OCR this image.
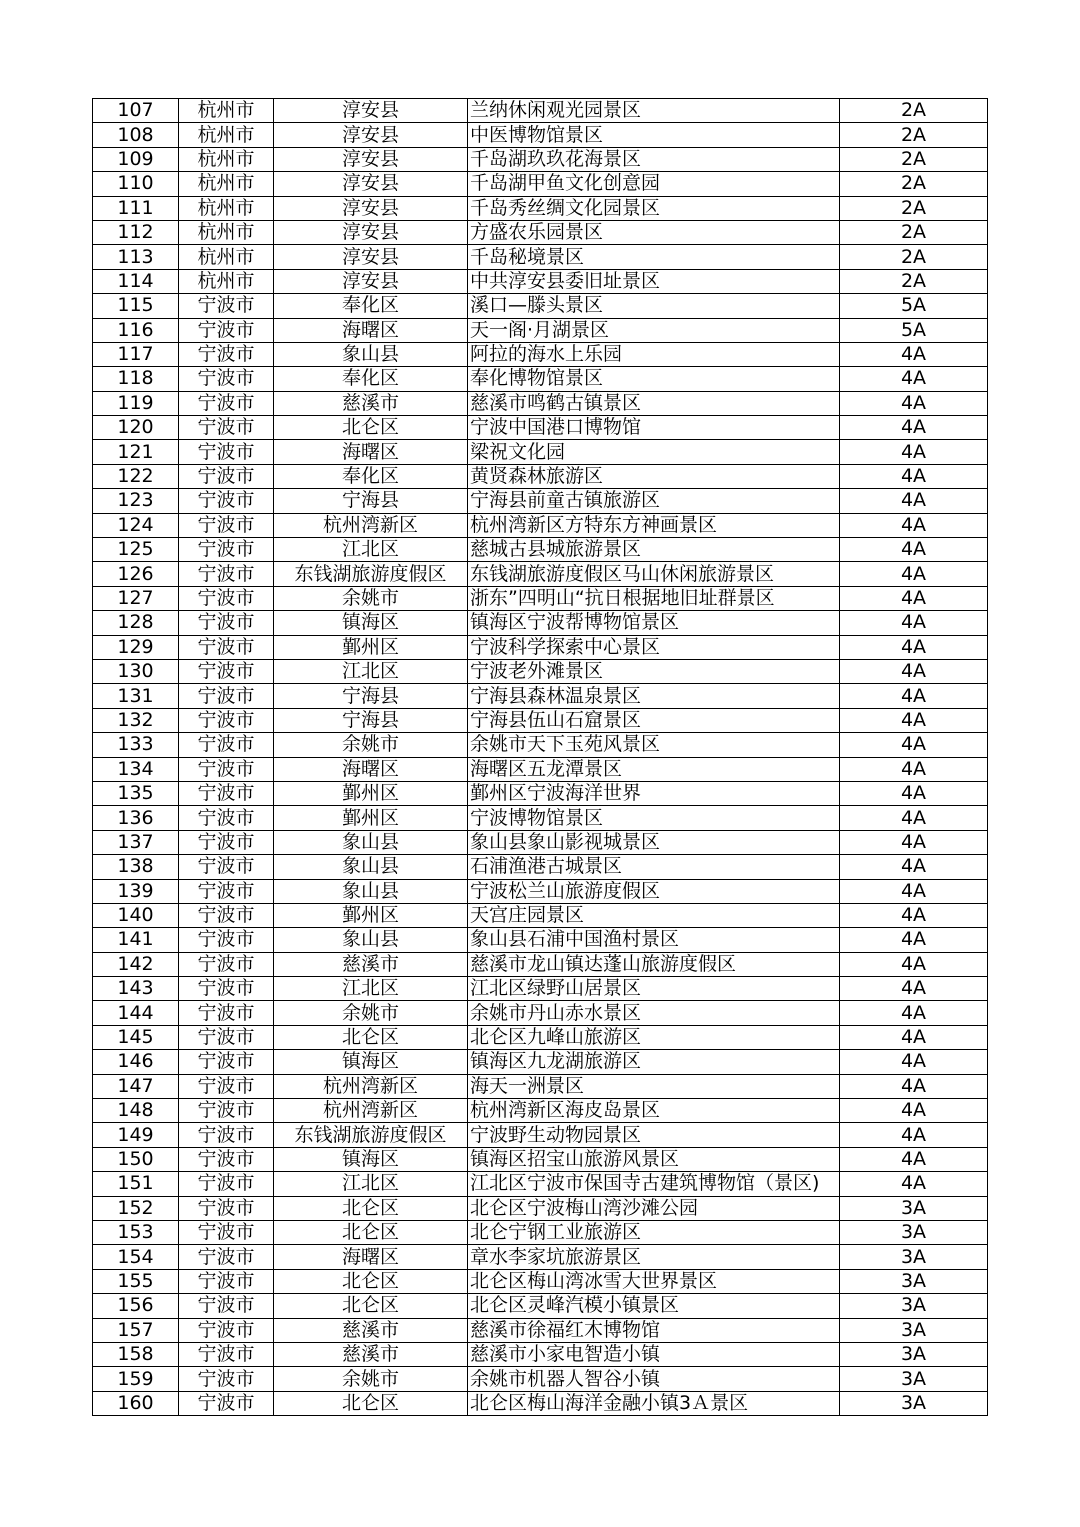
107	杭州市	淳安县	兰纳休闲观光园景区	2A
108	杭州市	淳安县	中医博物馆景区	2A
109	杭州市	淳安县	千岛湖玖玖花海景区	2A
110	杭州市	淳安县	千岛湖甲鱼文化创意园	2A
111	杭州市	淳安县	千岛秀丝绸文化园景区	2A
112	杭州市	淳安县	方盛农乐园景区	2A
113	杭州市	淳安县	千岛秘境景区	2A
114	杭州市	淳安县	中共淳安县委旧址景区	2A
115	宁波市	奉化区	溪口—滕头景区	5A
116	宁波市	海曙区	天一阁·月湖景区	5A
117	宁波市	象山县	阿拉的海水上乐园	4A
118	宁波市	奉化区	奉化博物馆景区	4A
119	宁波市	慈溪市	慈溪市鸣鹤古镇景区	4A
120	宁波市	北仑区	宁波中国港口博物馆	4A
121	宁波市	海曙区	梁祝文化园	4A
122	宁波市	奉化区	黄贤森林旅游区	4A
123	宁波市	宁海县	宁海县前童古镇旅游区	4A
124	宁波市	杭州湾新区	杭州湾新区方特东方神画景区	4A
125	宁波市	江北区	慈城古县城旅游景区	4A
126	宁波市	东钱湖旅游度假区	东钱湖旅游度假区马山休闲旅游景区	4A
127	宁波市	余姚市	浙东”四明山“抗日根据地旧址群景区	4A
128	宁波市	镇海区	镇海区宁波帮博物馆景区	4A
129	宁波市	鄞州区	宁波科学探索中心景区	4A
130	宁波市	江北区	宁波老外滩景区	4A
131	宁波市	宁海县	宁海县森林温泉景区	4A
132	宁波市	宁海县	宁海县伍山石窟景区	4A
133	宁波市	余姚市	余姚市天下玉苑风景区	4A
134	宁波市	海曙区	海曙区五龙潭景区	4A
135	宁波市	鄞州区	鄞州区宁波海洋世界	4A
136	宁波市	鄞州区	宁波博物馆景区	4A
137	宁波市	象山县	象山县象山影视城景区	4A
138	宁波市	象山县	石浦渔港古城景区	4A
139	宁波市	象山县	宁波松兰山旅游度假区	4A
140	宁波市	鄞州区	天宫庄园景区	4A
141	宁波市	象山县	象山县石浦中国渔村景区	4A
142	宁波市	慈溪市	慈溪市龙山镇达蓬山旅游度假区	4A
143	宁波市	江北区	江北区绿野山居景区	4A
144	宁波市	余姚市	余姚市丹山赤水景区	4A
145	宁波市	北仑区	北仑区九峰山旅游区	4A
146	宁波市	镇海区	镇海区九龙湖旅游区	4A
147	宁波市	杭州湾新区	海天一洲景区	4A
148	宁波市	杭州湾新区	杭州湾新区海皮岛景区	4A
149	宁波市	东钱湖旅游度假区	宁波野生动物园景区	4A
150	宁波市	镇海区	镇海区招宝山旅游风景区	4A
151	宁波市	江北区	江北区宁波市保国寺古建筑博物馆（景区)	4A
152	宁波市	北仑区	北仑区宁波梅山湾沙滩公园	3A
153	宁波市	北仑区	北仑宁钢工业旅游区	3A
154	宁波市	海曙区	章水李家坑旅游景区	3A
155	宁波市	北仑区	北仑区梅山湾冰雪大世界景区	3A
156	宁波市	北仑区	北仑区灵峰汽模小镇景区	3A
157	宁波市	慈溪市	慈溪市徐福红木博物馆	3A
158	宁波市	慈溪市	慈溪市小家电智造小镇	3A
159	宁波市	余姚市	余姚市机器人智谷小镇	3A
160	宁波市	北仑区	北仑区梅山海洋金融小镇3Ａ景区	3A
